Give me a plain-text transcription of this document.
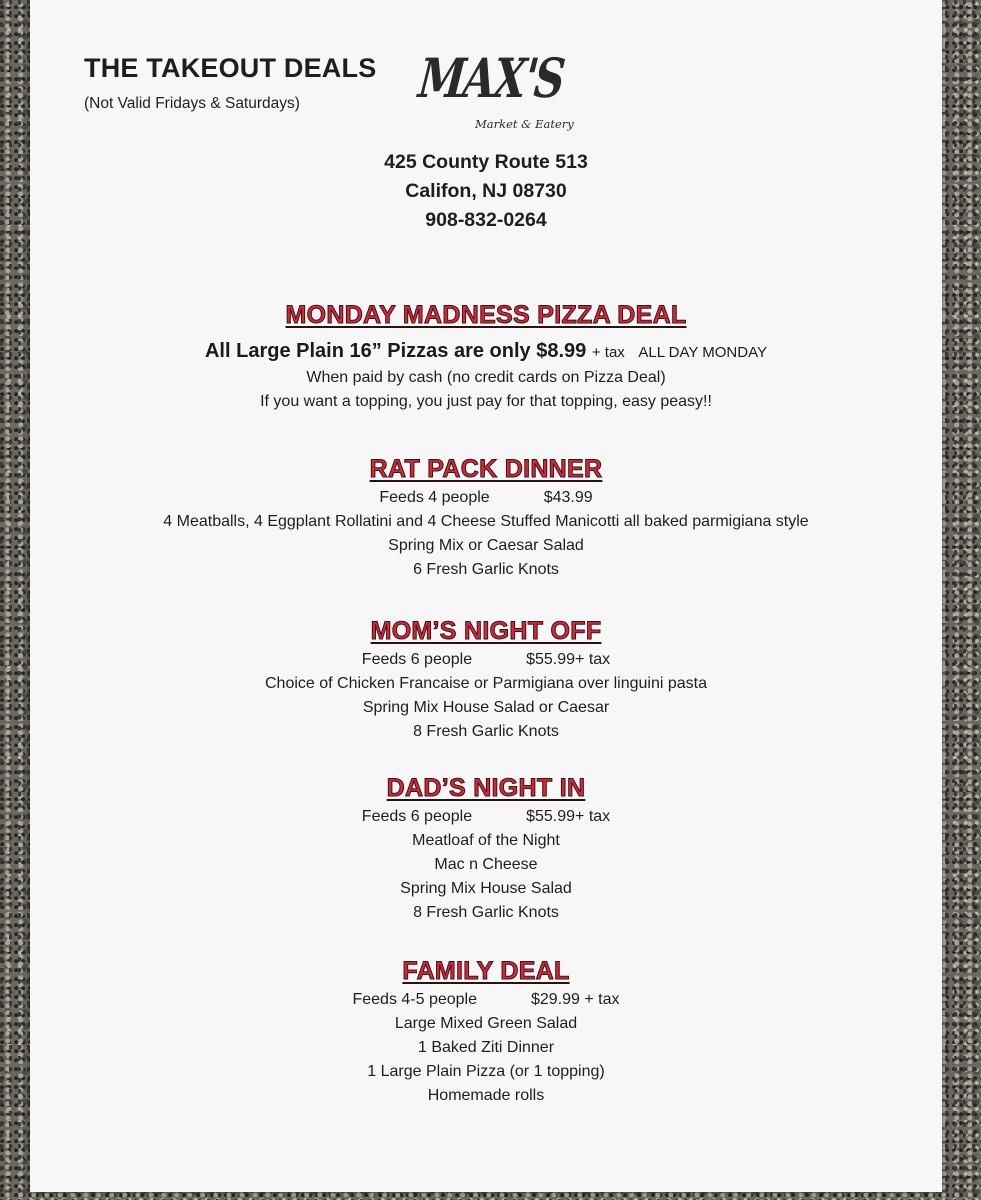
THE TAKEOUT DEALS
(Not Valid Fridays & Saturdays) MAX'S
Market & Eatery
425 County Route 513
Califon, NJ 08730
908-832-0264
MONDAY MADNESS PIZZA DEAL
All Large Plain 16” Pizzas are only $8.99 + tax ALL DAY MONDAY
When paid by cash (no credit cards on Pizza Deal)
If you want a topping, you just pay for that topping, easy peasy!!
RAT PACK DINNER
Feeds 4 people	$43.99
4 Meatballs, 4 Eggplant Rollatini and 4 Cheese Stuffed Manicotti all baked parmigiana style
Spring Mix or Caesar Salad
6 Fresh Garlic Knots
MOM’S NIGHT OFF
Feeds 6 people	$55.99+ tax
Choice of Chicken Francaise or Parmigiana over linguini pasta
Spring Mix House Salad or Caesar
8 Fresh Garlic Knots
DAD’S NIGHT IN
Feeds 6 people	$55.99+ tax
Meatloaf of the Night
Mac n Cheese
Spring Mix House Salad
8 Fresh Garlic Knots
FAMILY DEAL
Feeds 4-5 people	$29.99 + tax
Large Mixed Green Salad
1 Baked Ziti Dinner
1 Large Plain Pizza (or 1 topping)
Homemade rolls
